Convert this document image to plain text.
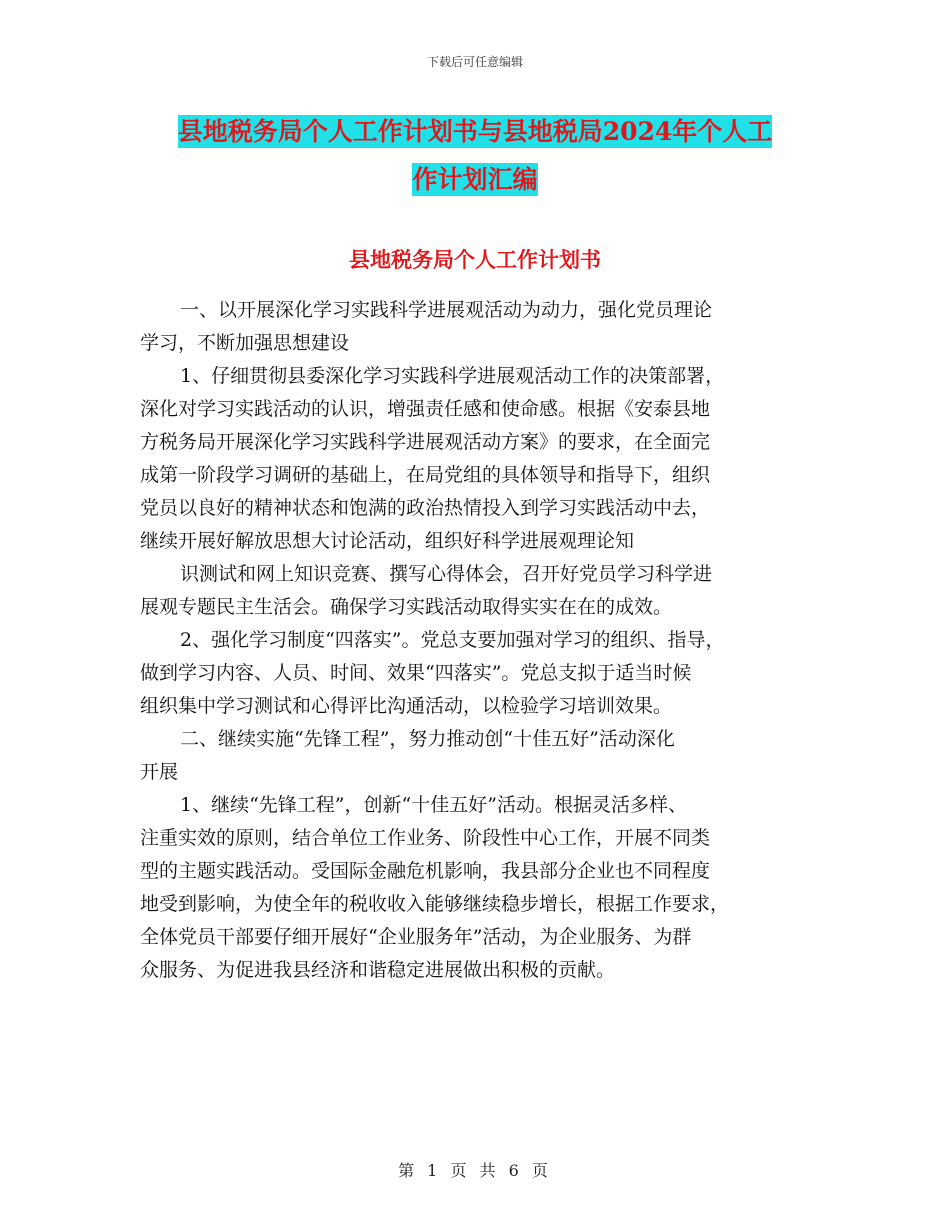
下载后可任意编辑
县地税务局个人工作计划书与县地税局2024年个人工
作计划汇编
县地税务局个人工作计划书
一、以开展深化学习实践科学进展观活动为动力，强化党员理论
学习，不断加强思想建设
1、仔细贯彻县委深化学习实践科学进展观活动工作的决策部署，
深化对学习实践活动的认识，增强责任感和使命感。根据《安泰县地
方税务局开展深化学习实践科学进展观活动方案》的要求，在全面完
成第一阶段学习调研的基础上，在局党组的具体领导和指导下，组织
党员以良好的精神状态和饱满的政治热情投入到学习实践活动中去，
继续开展好解放思想大讨论活动，组织好科学进展观理论知
识测试和网上知识竞赛、撰写心得体会，召开好党员学习科学进
展观专题民主生活会。确保学习实践活动取得实实在在的成效。
2、强化学习制度“四落实”。党总支要加强对学习的组织、指导，
做到学习内容、人员、时间、效果“四落实”。党总支拟于适当时候
组织集中学习测试和心得评比沟通活动，以检验学习培训效果。
二、继续实施“先锋工程”，努力推动创“十佳五好”活动深化
开展
1、继续“先锋工程”，创新“十佳五好”活动。根据灵活多样、
注重实效的原则，结合单位工作业务、阶段性中心工作，开展不同类
型的主题实践活动。受国际金融危机影响，我县部分企业也不同程度
地受到影响，为使全年的税收收入能够继续稳步增长，根据工作要求，
全体党员干部要仔细开展好“企业服务年”活动，为企业服务、为群
众服务、为促进我县经济和谐稳定进展做出积极的贡献。
第 1 页 共 6 页
